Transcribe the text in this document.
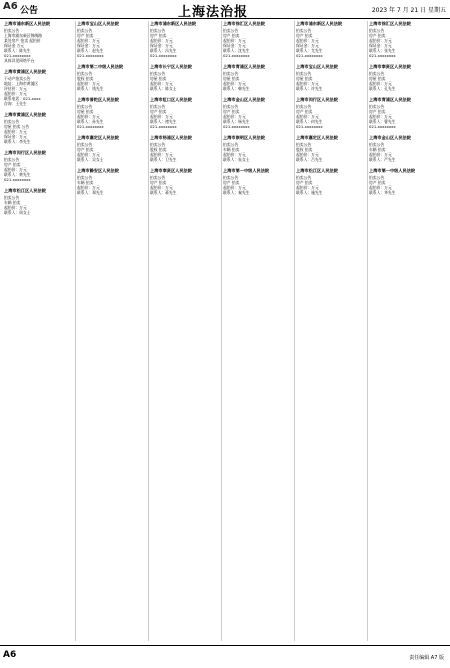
A6 公告	上海法治报	2023 年 7 月 21 日 星期五
上海市浦东新区人民法院
拍卖公告
上海市浦东新区锦绣路
某处房产 拍卖 起拍价
保证金 万元
联系人：陈先生
021-xxxxxxxx
具体详见网络平台
上海市黄浦区人民法院
不动产拍卖公告
地址：上海市黄浦区
评估价：万元
起拍价：万元
联系电话：021-xxxx
咨询：王先生
上海市黄浦区人民法院
拍卖公告
房屋 拍卖 公告
起拍价：万元
保证金：万元
联系人：李先生
上海市闵行区人民法院
拍卖公告
房产 拍卖
起拍价：万元
联系人：黄先生
021-xxxxxxxx
上海市松江区人民法院
拍卖公告
车辆 拍卖
起拍价：万元
联系人：周女士
上海市宝山区人民法院
拍卖公告
房产 拍卖
起拍价：万元
保证金：万元
联系人：赵先生
021-xxxxxxxx
上海市第二中级人民法院
拍卖公告
股权 拍卖
起拍价：万元
联系人：钱先生
上海市普陀区人民法院
拍卖公告
房屋 拍卖
起拍价：万元
联系人：孙先生
021-xxxxxxxx
上海市嘉定区人民法院
拍卖公告
房产 拍卖
起拍价：万元
联系人：吴女士
上海市静安区人民法院
拍卖公告
车辆 拍卖
起拍价：万元
联系人：郑先生
上海市浦东新区人民法院
拍卖公告
房产 拍卖
起拍价：万元
保证金：万元
联系人：冯先生
021-xxxxxxxx
上海市长宁区人民法院
拍卖公告
房屋 拍卖
起拍价：万元
联系人：陈女士
上海市虹口区人民法院
拍卖公告
房产 拍卖
起拍价：万元
联系人：褚先生
021-xxxxxxxx
上海市杨浦区人民法院
拍卖公告
股权 拍卖
起拍价：万元
联系人：卫先生
上海市奉贤区人民法院
拍卖公告
房产 拍卖
起拍价：万元
联系人：蒋先生
上海市徐汇区人民法院
拍卖公告
房产 拍卖
起拍价：万元
保证金：万元
联系人：沈先生
021-xxxxxxxx
上海市青浦区人民法院
拍卖公告
房屋 拍卖
起拍价：万元
联系人：韩先生
上海市金山区人民法院
拍卖公告
房产 拍卖
起拍价：万元
联系人：杨先生
021-xxxxxxxx
上海市崇明区人民法院
拍卖公告
车辆 拍卖
起拍价：万元
联系人：朱女士
上海市第一中级人民法院
拍卖公告
房产 拍卖
起拍价：万元
联系人：秦先生
上海市浦东新区人民法院
拍卖公告
房产 拍卖
起拍价：万元
保证金：万元
联系人：尤先生
021-xxxxxxxx
上海市宝山区人民法院
拍卖公告
房屋 拍卖
起拍价：万元
联系人：许先生
上海市闵行区人民法院
拍卖公告
房产 拍卖
起拍价：万元
联系人：何先生
021-xxxxxxxx
上海市嘉定区人民法院
拍卖公告
股权 拍卖
起拍价：万元
联系人：吕先生
上海市松江区人民法院
拍卖公告
房产 拍卖
起拍价：万元
联系人：施先生
上海市徐汇区人民法院
拍卖公告
房产 拍卖
起拍价：万元
保证金：万元
联系人：张先生
021-xxxxxxxx
上海市奉贤区人民法院
拍卖公告
房屋 拍卖
起拍价：万元
联系人：孔先生
上海市青浦区人民法院
拍卖公告
房产 拍卖
起拍价：万元
联系人：曹先生
021-xxxxxxxx
上海市金山区人民法院
拍卖公告
车辆 拍卖
起拍价：万元
联系人：严先生
上海市第一中级人民法院
拍卖公告
房产 拍卖
起拍价：万元
联系人：华先生
A6	责任编辑 A7 版
